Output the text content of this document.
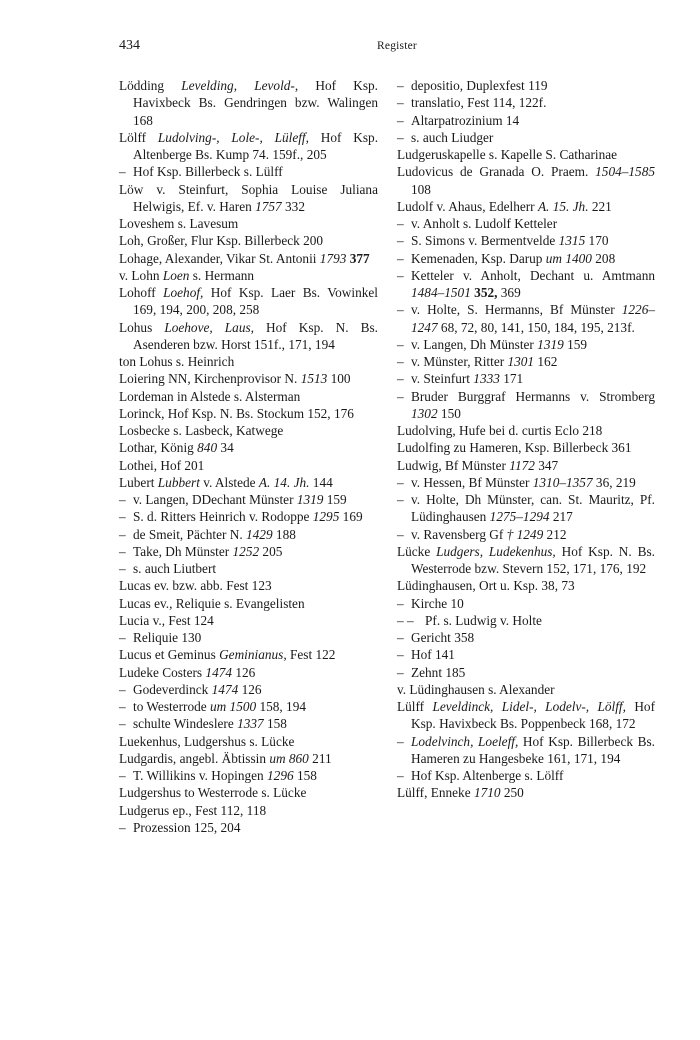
434	Register
Lödding Levelding, Levold-, Hof Ksp. Havixbeck Bs. Gendringen bzw. Walingen 168
Lölff Ludolving-, Lole-, Lüleff, Hof Ksp. Altenberge Bs. Kump 74. 159f., 205
– Hof Ksp. Billerbeck s. Lülff
Löw v. Steinfurt, Sophia Louise Juliana Helwigis, Ef. v. Haren 1757 332
Loveshem s. Lavesum
Loh, Großer, Flur Ksp. Billerbeck 200
Lohage, Alexander, Vikar St. Antonii 1793 377
v. Lohn Loen s. Hermann
Lohoff Loehof, Hof Ksp. Laer Bs. Vowinkel 169, 194, 200, 208, 258
Lohus Loehove, Laus, Hof Ksp. N. Bs. Asenderen bzw. Horst 151f., 171, 194
ton Lohus s. Heinrich
Loiering NN, Kirchenprovisor N. 1513 100
Lordeman in Alstede s. Alsterman
Lorinck, Hof Ksp. N. Bs. Stockum 152, 176
Losbecke s. Lasbeck, Katwege
Lothar, König 840 34
Lothei, Hof 201
Lubert Lubbert v. Alstede A. 14. Jh. 144
– v. Langen, DDechant Münster 1319 159
– S. d. Ritters Heinrich v. Rodoppe 1295 169
– de Smeit, Pächter N. 1429 188
– Take, Dh Münster 1252 205
– s. auch Liutbert
Lucas ev. bzw. abb. Fest 123
Lucas ev., Reliquie s. Evangelisten
Lucia v., Fest 124
– Reliquie 130
Lucus et Geminus Geminianus, Fest 122
Ludeke Costers 1474 126
– Godeverdinck 1474 126
– to Westerrode um 1500 158, 194
– schulte Windeslere 1337 158
Luekenhus, Ludgershus s. Lücke
Ludgardis, angebl. Äbtissin um 860 211
– T. Willikins v. Hopingen 1296 158
Ludgershus to Westerrode s. Lücke
Ludgerus ep., Fest 112, 118
– Prozession 125, 204
– depositio, Duplexfest 119
– translatio, Fest 114, 122f.
– Altarpatrozinium 14
– s. auch Liudger
Ludgeruskapelle s. Kapelle S. Catharinae
Ludovicus de Granada O. Praem. 1504–1585 108
Ludolf v. Ahaus, Edelherr A. 15. Jh. 221
– v. Anholt s. Ludolf Ketteler
– S. Simons v. Bermentvelde 1315 170
– Kemenaden, Ksp. Darup um 1400 208
– Ketteler v. Anholt, Dechant u. Amtmann 1484–1501 352, 369
– v. Holte, S. Hermanns, Bf Münster 1226–1247 68, 72, 80, 141, 150, 184, 195, 213f.
– v. Langen, Dh Münster 1319 159
– v. Münster, Ritter 1301 162
– v. Steinfurt 1333 171
– Bruder Burggraf Hermanns v. Stromberg 1302 150
Ludolving, Hufe bei d. curtis Eclo 218
Ludolfing zu Hameren, Ksp. Billerbeck 361
Ludwig, Bf Münster 1172 347
– v. Hessen, Bf Münster 1310–1357 36, 219
– v. Holte, Dh Münster, can. St. Mauritz, Pf. Lüdinghausen 1275–1294 217
– v. Ravensberg Gf † 1249 212
Lücke Ludgers, Ludekenhus, Hof Ksp. N. Bs. Westerrode bzw. Stevern 152, 171, 176, 192
Lüdinghausen, Ort u. Ksp. 38, 73
– Kirche 10
– – Pf. s. Ludwig v. Holte
– Gericht 358
– Hof 141
– Zehnt 185
v. Lüdinghausen s. Alexander
Lülff Leveldinck, Lidel-, Lodelv-, Lölff, Hof Ksp. Havixbeck Bs. Poppenbeck 168, 172
– Lodelvinch, Loeleff, Hof Ksp. Billerbeck Bs. Hameren zu Hangesbeke 161, 171, 194
– Hof Ksp. Altenberge s. Lölff
Lülff, Enneke 1710 250
